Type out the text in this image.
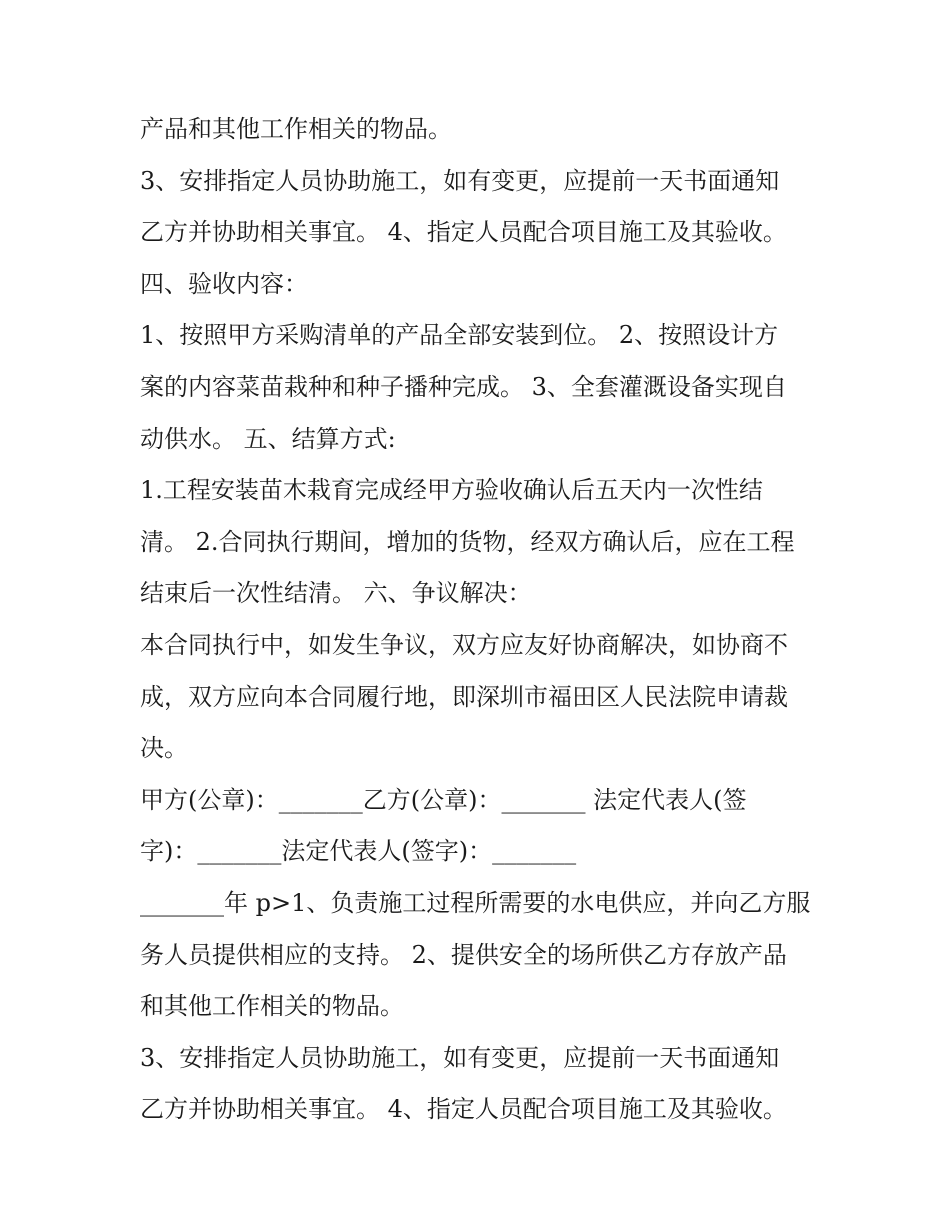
产品和其他工作相关的物品。
3、安排指定人员协助施工，如有变更，应提前一天书面通知
乙方并协助相关事宜。 4、指定人员配合项目施工及其验收。
四、验收内容：
1、按照甲方采购清单的产品全部安装到位。 2、按照设计方
案的内容菜苗栽种和种子播种完成。 3、全套灌溉设备实现自
动供水。 五、结算方式:
1.工程安装苗木栽育完成经甲方验收确认后五天内一次性结
清。 2.合同执行期间，增加的货物，经双方确认后，应在工程
结束后一次性结清。 六、争议解决：
本合同执行中，如发生争议，双方应友好协商解决，如协商不
成，双方应向本合同履行地，即深圳市福田区人民法院申请裁
决。
甲方(公章)：_______乙方(公章)：_______ 法定代表人(签
字)：_______法定代表人(签字)：_______
_______年 p>1、负责施工过程所需要的水电供应，并向乙方服
务人员提供相应的支持。 2、提供安全的场所供乙方存放产品
和其他工作相关的物品。
3、安排指定人员协助施工，如有变更，应提前一天书面通知
乙方并协助相关事宜。 4、指定人员配合项目施工及其验收。
